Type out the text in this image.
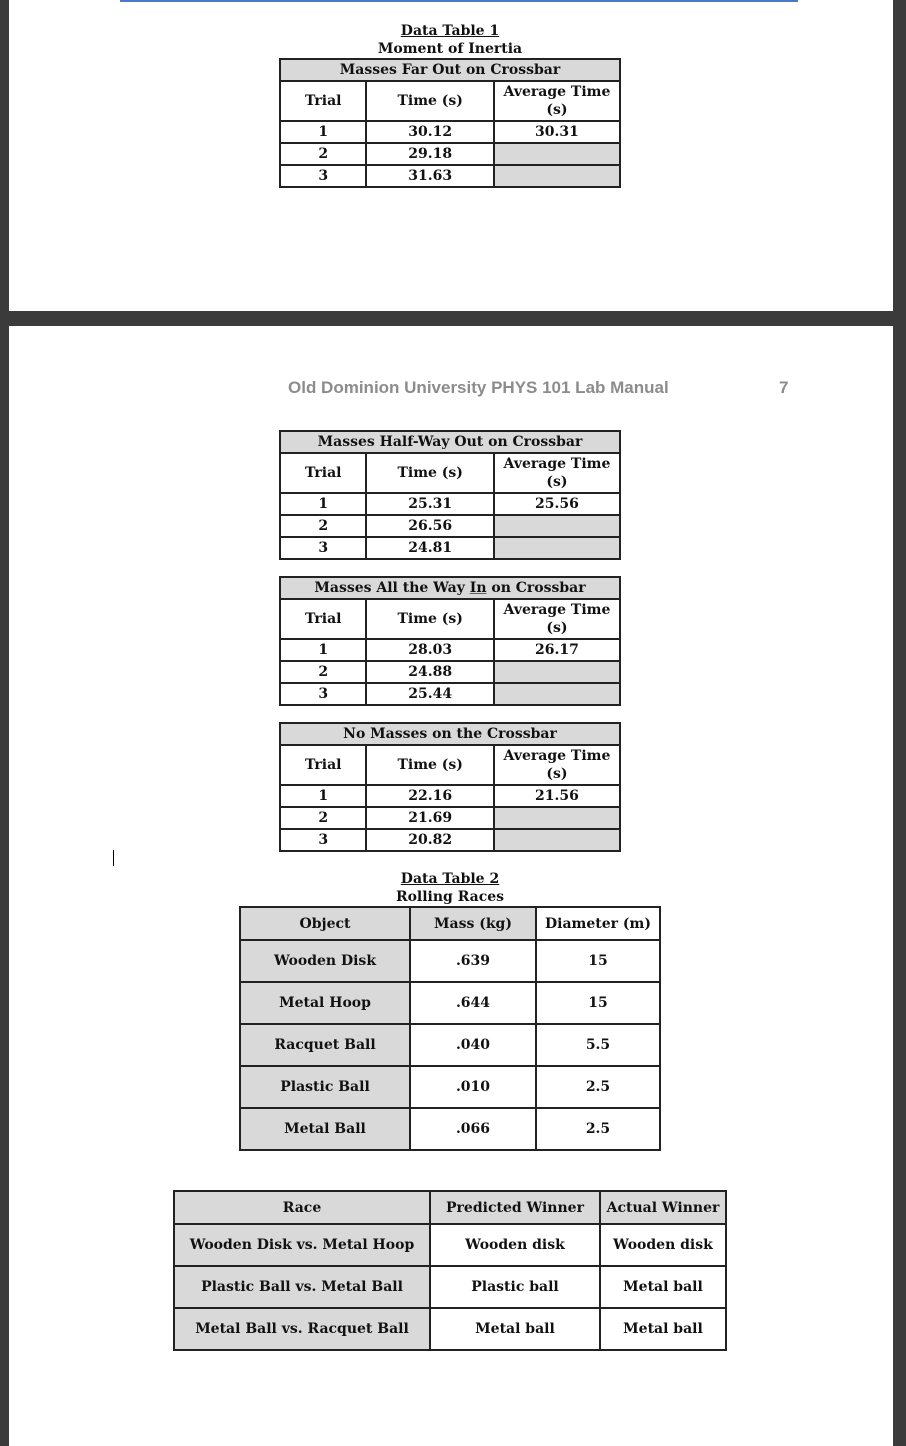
Data Table 1
Moment of Inertia
Masses Far Out on Crossbar		
Trial	Time (s)	Average Time (s)
1	30.12	30.31
2	29.18	
3	31.63	
Old Dominion University PHYS 101 Lab Manual	7
Masses Half-Way Out on Crossbar		
Trial	Time (s)	Average Time (s)
1	25.31	25.56
2	26.56	
3	24.81	
Masses All the Way In on Crossbar		
Trial	Time (s)	Average Time (s)
1	28.03	26.17
2	24.88	
3	25.44	
No Masses on the Crossbar		
Trial	Time (s)	Average Time (s)
1	22.16	21.56
2	21.69	
3	20.82	
Data Table 2
Rolling Races
Object	Mass (kg)	Diameter (m)
Wooden Disk	.639	15
Metal Hoop	.644	15
Racquet Ball	.040	5.5
Plastic Ball	.010	2.5
Metal Ball	.066	2.5
Race	Predicted Winner	Actual Winner
Wooden Disk vs. Metal Hoop	Wooden disk	Wooden disk
Plastic Ball vs. Metal Ball	Plastic ball	Metal ball
Metal Ball vs. Racquet Ball	Metal ball	Metal ball
